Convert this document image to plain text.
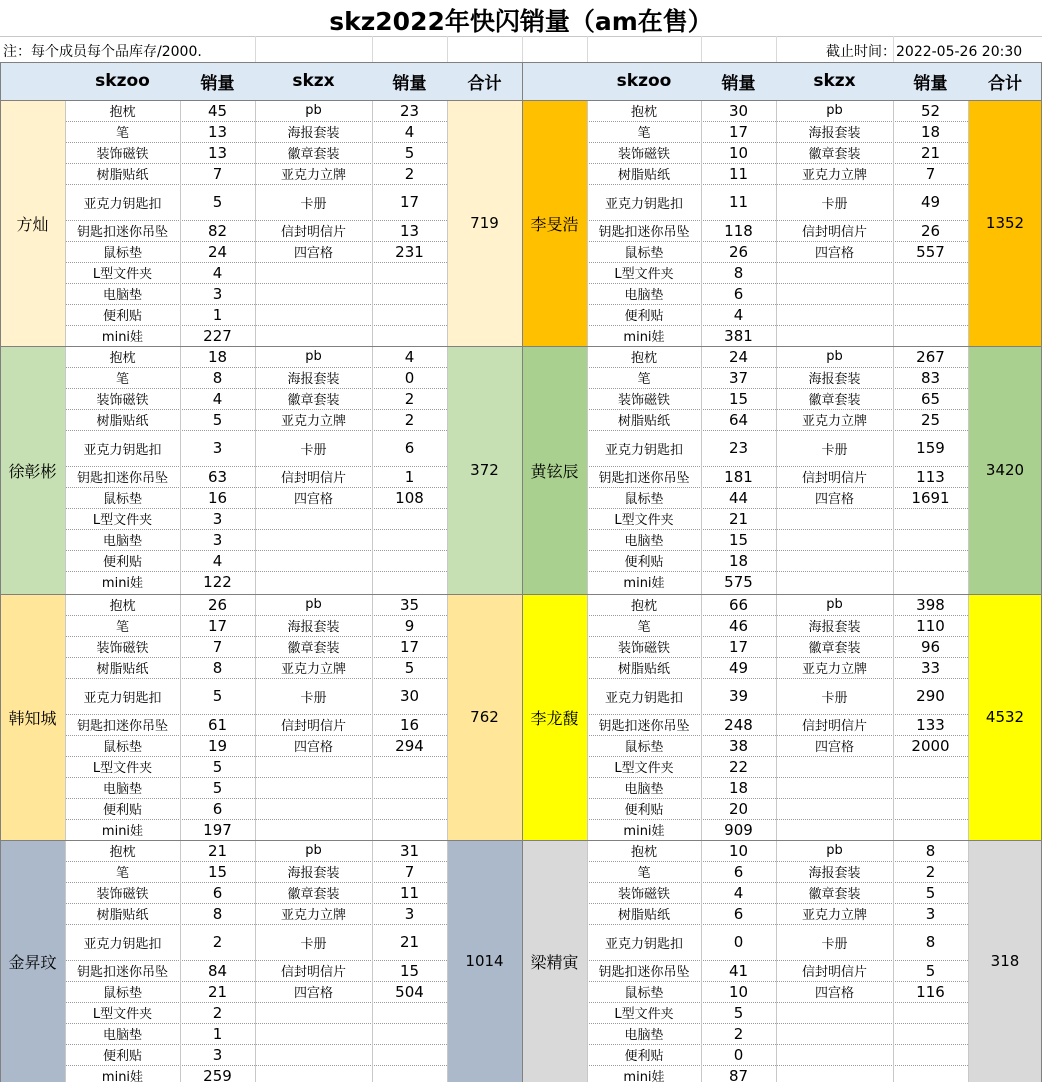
skz2022年快闪销量（am在售）
注：每个成员每个品库存/2000.	截止时间：2022-05-26 20:30
skzoo	销量	skzx	销量	合计	skzoo	销量	skzx	销量	合计
方灿	719
抱枕	45	pb	23
笔	13	海报套装	4
装饰磁铁	13	徽章套装	5
树脂贴纸	7	亚克力立牌	2
亚克力钥匙扣	5	卡册	17
钥匙扣迷你吊坠	82	信封明信片	13
鼠标垫	24	四宫格	231
L型文件夹	4
电脑垫	3
便利贴	1
mini娃	227
李旻浩	1352
抱枕	30	pb	52
笔	17	海报套装	18
装饰磁铁	10	徽章套装	21
树脂贴纸	11	亚克力立牌	7
亚克力钥匙扣	11	卡册	49
钥匙扣迷你吊坠	118	信封明信片	26
鼠标垫	26	四宫格	557
L型文件夹	8
电脑垫	6
便利贴	4
mini娃	381
徐彰彬	372
抱枕	18	pb	4
笔	8	海报套装	0
装饰磁铁	4	徽章套装	2
树脂贴纸	5	亚克力立牌	2
亚克力钥匙扣	3	卡册	6
钥匙扣迷你吊坠	63	信封明信片	1
鼠标垫	16	四宫格	108
L型文件夹	3
电脑垫	3
便利贴	4
mini娃	122
黄铉辰	3420
抱枕	24	pb	267
笔	37	海报套装	83
装饰磁铁	15	徽章套装	65
树脂贴纸	64	亚克力立牌	25
亚克力钥匙扣	23	卡册	159
钥匙扣迷你吊坠	181	信封明信片	113
鼠标垫	44	四宫格	1691
L型文件夹	21
电脑垫	15
便利贴	18
mini娃	575
韩知城	762
抱枕	26	pb	35
笔	17	海报套装	9
装饰磁铁	7	徽章套装	17
树脂贴纸	8	亚克力立牌	5
亚克力钥匙扣	5	卡册	30
钥匙扣迷你吊坠	61	信封明信片	16
鼠标垫	19	四宫格	294
L型文件夹	5
电脑垫	5
便利贴	6
mini娃	197
李龙馥	4532
抱枕	66	pb	398
笔	46	海报套装	110
装饰磁铁	17	徽章套装	96
树脂贴纸	49	亚克力立牌	33
亚克力钥匙扣	39	卡册	290
钥匙扣迷你吊坠	248	信封明信片	133
鼠标垫	38	四宫格	2000
L型文件夹	22
电脑垫	18
便利贴	20
mini娃	909
金昇玟	1014
抱枕	21	pb	31
笔	15	海报套装	7
装饰磁铁	6	徽章套装	11
树脂贴纸	8	亚克力立牌	3
亚克力钥匙扣	2	卡册	21
钥匙扣迷你吊坠	84	信封明信片	15
鼠标垫	21	四宫格	504
L型文件夹	2
电脑垫	1
便利贴	3
mini娃	259
梁精寅	318
抱枕	10	pb	8
笔	6	海报套装	2
装饰磁铁	4	徽章套装	5
树脂贴纸	6	亚克力立牌	3
亚克力钥匙扣	0	卡册	8
钥匙扣迷你吊坠	41	信封明信片	5
鼠标垫	10	四宫格	116
L型文件夹	5
电脑垫	2
便利贴	0
mini娃	87
